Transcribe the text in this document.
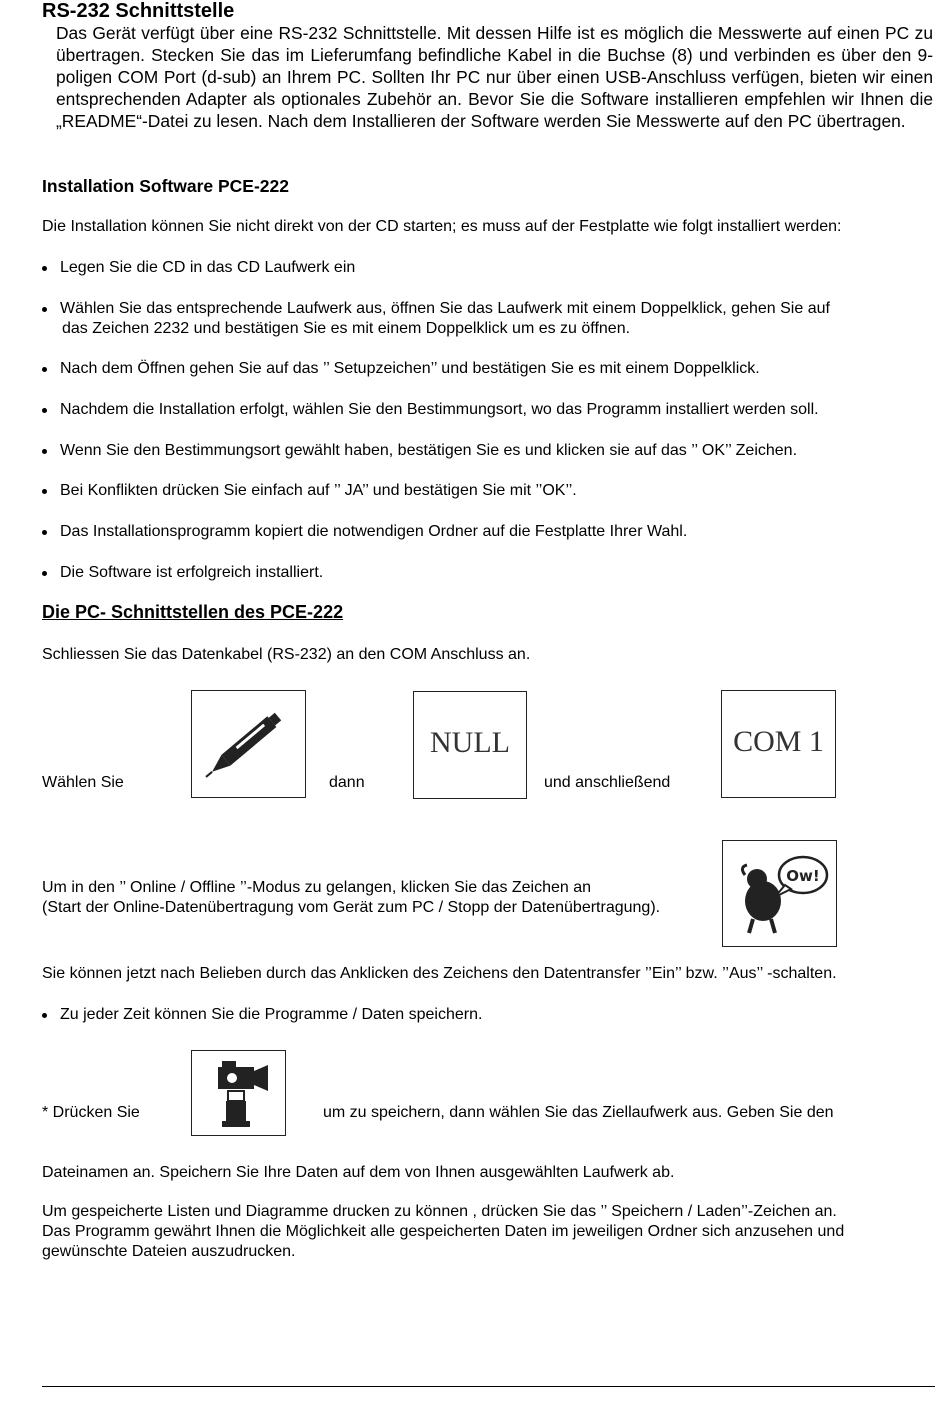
RS-232 Schnittstelle
Das Gerät verfügt über eine RS-232 Schnittstelle. Mit dessen Hilfe ist es möglich die Messwerte auf einen PC zu übertragen. Stecken Sie das im Lieferumfang befindliche Kabel in die Buchse (8) und verbinden es über den 9-poligen COM Port (d-sub) an Ihrem PC. Sollten Ihr PC nur über einen USB-Anschluss verfügen, bieten wir einen entsprechenden Adapter als optionales Zubehör an. Bevor Sie die Software installieren empfehlen wir Ihnen die „README“-Datei zu lesen. Nach dem Installieren der Software werden Sie Messwerte auf den PC übertragen.
Installation Software PCE-222
Die Installation können Sie nicht direkt von der CD starten; es muss auf der Festplatte wie folgt installiert werden:
Legen Sie die CD in das CD Laufwerk ein
Wählen Sie das entsprechende Laufwerk aus, öffnen Sie das Laufwerk mit einem Doppelklick, gehen Sie auf
das Zeichen 2232 und bestätigen Sie es mit einem Doppelklick um es zu öffnen.
Nach dem Öffnen gehen Sie auf das ’’ Setupzeichen’’ und bestätigen Sie es mit einem Doppelklick.
Nachdem die Installation erfolgt, wählen Sie den Bestimmungsort, wo das Programm installiert werden soll.
Wenn Sie den Bestimmungsort gewählt haben, bestätigen Sie es und klicken sie auf das ’’ OK’’ Zeichen.
Bei Konflikten drücken Sie einfach auf ’’ JA’’ und bestätigen Sie mit ’’OK’’.
Das Installationsprogramm kopiert die notwendigen Ordner auf die Festplatte Ihrer Wahl.
Die Software ist erfolgreich installiert.
Die PC- Schnittstellen des PCE-222
Schliessen Sie das Datenkabel (RS-232) an den COM Anschluss an.
Wählen Sie	dann
NULL
und anschließend
COM 1
Um in den ’’ Online / Offline ’’-Modus zu gelangen, klicken Sie das Zeichen an
(Start der Online-Datenübertragung vom Gerät zum PC / Stopp der Datenübertragung).
Ow!
Sie können jetzt nach Belieben durch das Anklicken des Zeichens den Datentransfer ’’Ein’’ bzw. ’’Aus’’ -schalten.
Zu jeder Zeit können Sie die Programme / Daten speichern.
* Drücken Sie	um zu speichern, dann wählen Sie das Ziellaufwerk aus. Geben Sie den
Dateinamen an. Speichern Sie Ihre Daten auf dem von Ihnen ausgewählten Laufwerk ab.
Um gespeicherte Listen und Diagramme drucken zu können , drücken Sie das ’’ Speichern / Laden’’-Zeichen an.
Das Programm gewährt Ihnen die Möglichkeit alle gespeicherten Daten im jeweiligen Ordner sich anzusehen und
gewünschte Dateien auszudrucken.
